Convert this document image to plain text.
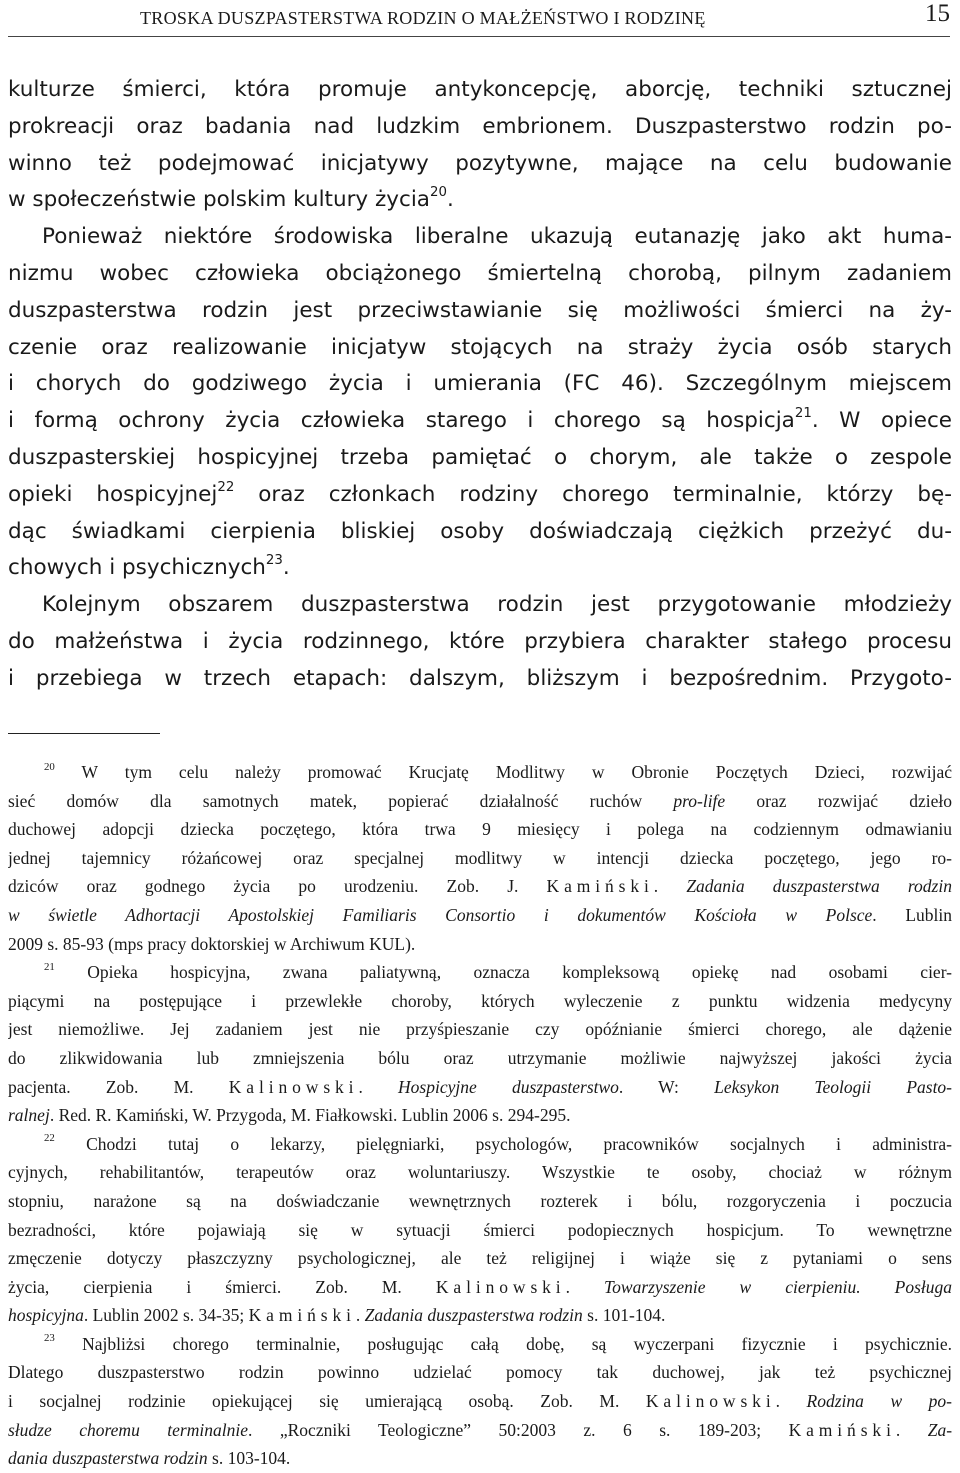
TROSKA DUSZPASTERSTWA RODZIN O MAŁŻEŃSTWO I RODZINĘ	15
kulturze śmierci, która promuje antykoncepcję, aborcję, techniki sztucznej
prokreacji oraz badania nad ludzkim embrionem. Duszpasterstwo rodzin po-
winno też podejmować inicjatywy pozytywne, mające na celu budowanie
w społeczeństwie polskim kultury życia$^{20}$.
Ponieważ niektóre środowiska liberalne ukazują eutanazję jako akt huma-
nizmu wobec człowieka obciążonego śmiertelną chorobą, pilnym zadaniem
duszpasterstwa rodzin jest przeciwstawianie się możliwości śmierci na ży-
czenie oraz realizowanie inicjatyw stojących na straży życia osób starych
i chorych do godziwego życia i umierania (FC 46). Szczególnym miejscem
i formą ochrony życia człowieka starego i chorego są hospicja$^{21}$. W opiece
duszpasterskiej hospicyjnej trzeba pamiętać o chorym, ale także o zespole
opieki hospicyjnej$^{22}$ oraz członkach rodziny chorego terminalnie, którzy bę-
dąc świadkami cierpienia bliskiej osoby doświadczają ciężkich przeżyć du-
chowych i psychicznych$^{23}$.
Kolejnym obszarem duszpasterstwa rodzin jest przygotowanie młodzieży
do małżeństwa i życia rodzinnego, które przybiera charakter stałego procesu
i przebiega w trzech etapach: dalszym, bliższym i bezpośrednim. Przygoto-
$^{20}$ W tym celu należy promować Krucjatę Modlitwy w Obronie Poczętych Dzieci, rozwijać
sieć domów dla samotnych matek, popierać działalność ruchów pro-life oraz rozwijać dzieło
duchowej adopcji dziecka poczętego, która trwa 9 miesięcy i polega na codziennym odmawianiu
jednej tajemnicy różańcowej oraz specjalnej modlitwy w intencji dziecka poczętego, jego ro-
dziców oraz godnego życia po urodzeniu. Zob. J. Kamiński. Zadania duszpasterstwa rodzin
w świetle Adhortacji Apostolskiej Familiaris Consortio i dokumentów Kościoła w Polsce. Lublin
2009 s. 85-93 (mps pracy doktorskiej w Archiwum KUL).
$^{21}$ Opieka hospicyjna, zwana paliatywną, oznacza kompleksową opiekę nad osobami cier-
piącymi na postępujące i przewlekłe choroby, których wyleczenie z punktu widzenia medycyny
jest niemożliwe. Jej zadaniem jest nie przyśpieszanie czy opóźnianie śmierci chorego, ale dążenie
do zlikwidowania lub zmniejszenia bólu oraz utrzymanie możliwie najwyższej jakości życia
pacjenta. Zob. M. Kalinowski. Hospicyjne duszpasterstwo. W: Leksykon Teologii Pasto-
ralnej. Red. R. Kamiński, W. Przygoda, M. Fiałkowski. Lublin 2006 s. 294-295.
$^{22}$ Chodzi tutaj o lekarzy, pielęgniarki, psychologów, pracowników socjalnych i administra-
cyjnych, rehabilitantów, terapeutów oraz woluntariuszy. Wszystkie te osoby, chociaż w różnym
stopniu, narażone są na doświadczanie wewnętrznych rozterek i bólu, rozgoryczenia i poczucia
bezradności, które pojawiają się w sytuacji śmierci podopiecznych hospicjum. To wewnętrzne
zmęczenie dotyczy płaszczyzny psychologicznej, ale też religijnej i wiąże się z pytaniami o sens
życia, cierpienia i śmierci. Zob. M. Kalinowski. Towarzyszenie w cierpieniu. Posługa
hospicyjna. Lublin 2002 s. 34-35; Kamiński. Zadania duszpasterstwa rodzin s. 101-104.
$^{23}$ Najbliżsi chorego terminalnie, posługując całą dobę, są wyczerpani fizycznie i psychicznie.
Dlatego duszpasterstwo rodzin powinno udzielać pomocy tak duchowej, jak też psychicznej
i socjalnej rodzinie opiekującej się umierającą osobą. Zob. M. Kalinowski. Rodzina w po-
słudze choremu terminalnie. „Roczniki Teologiczne” 50:2003 z. 6 s. 189-203; Kamiński. Za-
dania duszpasterstwa rodzin s. 103-104.
